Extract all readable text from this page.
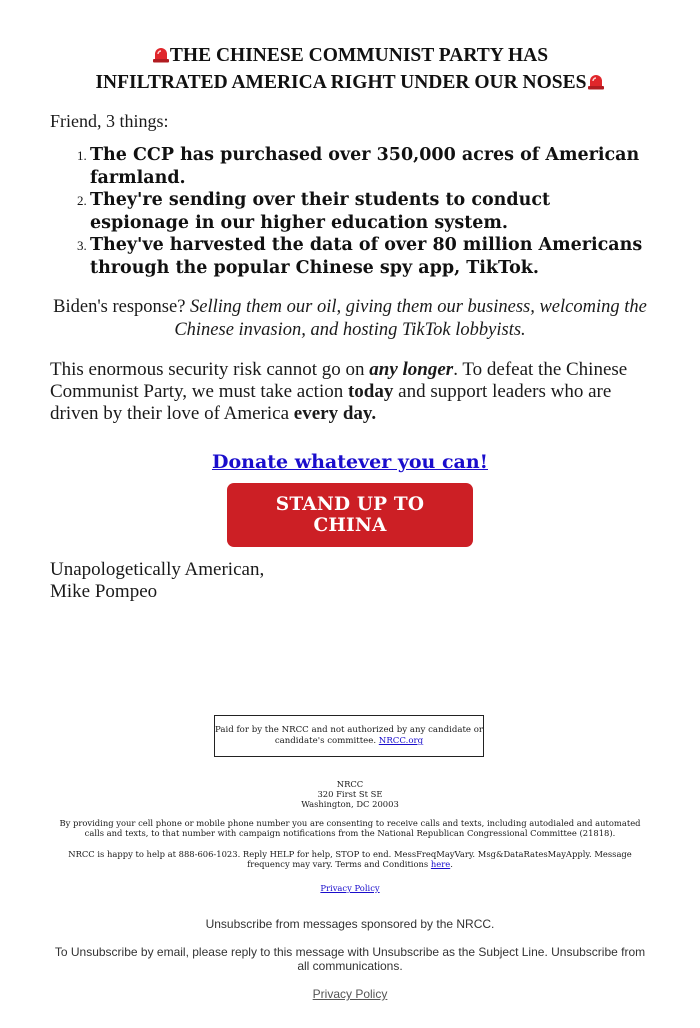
THE CHINESE COMMUNIST PARTY HAS
INFILTRATED AMERICA RIGHT UNDER OUR NOSES

Friend, 3 things:

1. The CCP has purchased over 350,000 acres of American farmland.
2. They're sending over their students to conduct espionage in our higher education system.
3. They've harvested the data of over 80 million Americans through the popular Chinese spy app, TikTok.

Biden's response? Selling them our oil, giving them our business, welcoming the Chinese invasion, and hosting TikTok lobbyists.

This enormous security risk cannot go on any longer. To defeat the Chinese Communist Party, we must take action today and support leaders who are driven by their love of America every day.

Donate whatever you can!
STAND UP TO CHINA

Unapologetically American,
Mike Pompeo

Paid for by the NRCC and not authorized by any candidate or candidate's committee. NRCC.org
NRCC
320 First St SE
Washington, DC 20003
By providing your cell phone or mobile phone number you are consenting to receive calls and texts, including autodialed and automated calls and texts, to that number with campaign notifications from the National Republican Congressional Committee (21818).
NRCC is happy to help at 888-606-1023. Reply HELP for help, STOP to end. MessFreqMayVary. Msg&DataRatesMayApply. Message frequency may vary. Terms and Conditions here.
Privacy Policy
Unsubscribe from messages sponsored by the NRCC.
To Unsubscribe by email, please reply to this message with Unsubscribe as the Subject Line. Unsubscribe from all communications.
Privacy Policy
